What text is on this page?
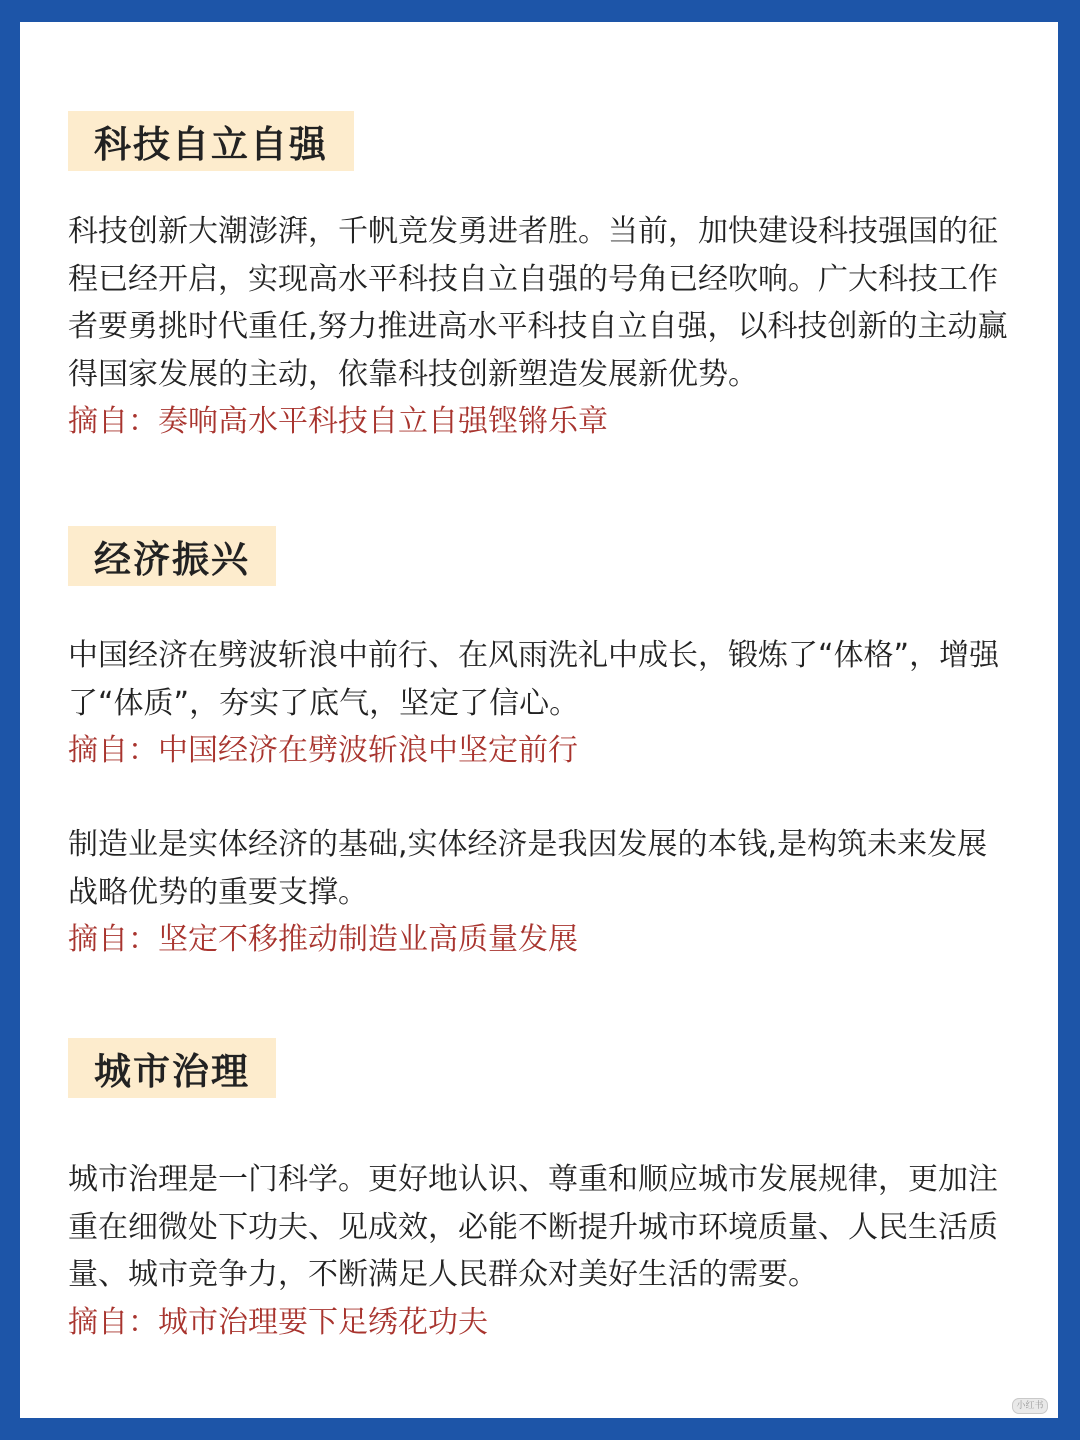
科技自立自强

科技创新大潮澎湃，千帆竞发勇进者胜。当前，加快建设科技强国的征程已经开启，实现高水平科技自立自强的号角已经吹响。广大科技工作者要勇挑时代重任,努力推进高水平科技自立自强，以科技创新的主动赢得国家发展的主动，依靠科技创新塑造发展新优势。

摘自：奏响高水平科技自立自强铿锵乐章

经济振兴

中国经济在劈波斩浪中前行、在风雨洗礼中成长，锻炼了“体格”，增强了“体质”，夯实了底气，坚定了信心。

摘自：中国经济在劈波斩浪中坚定前行

制造业是实体经济的基础,实体经济是我因发展的本钱,是构筑未来发展战略优势的重要支撑。

摘自：坚定不移推动制造业高质量发展

城市治理

城市治理是一门科学。更好地认识、尊重和顺应城市发展规律，更加注重在细微处下功夫、见成效，必能不断提升城市环境质量、人民生活质量、城市竞争力，不断满足人民群众对美好生活的需要。

摘自：城市治理要下足绣花功夫

小红书
